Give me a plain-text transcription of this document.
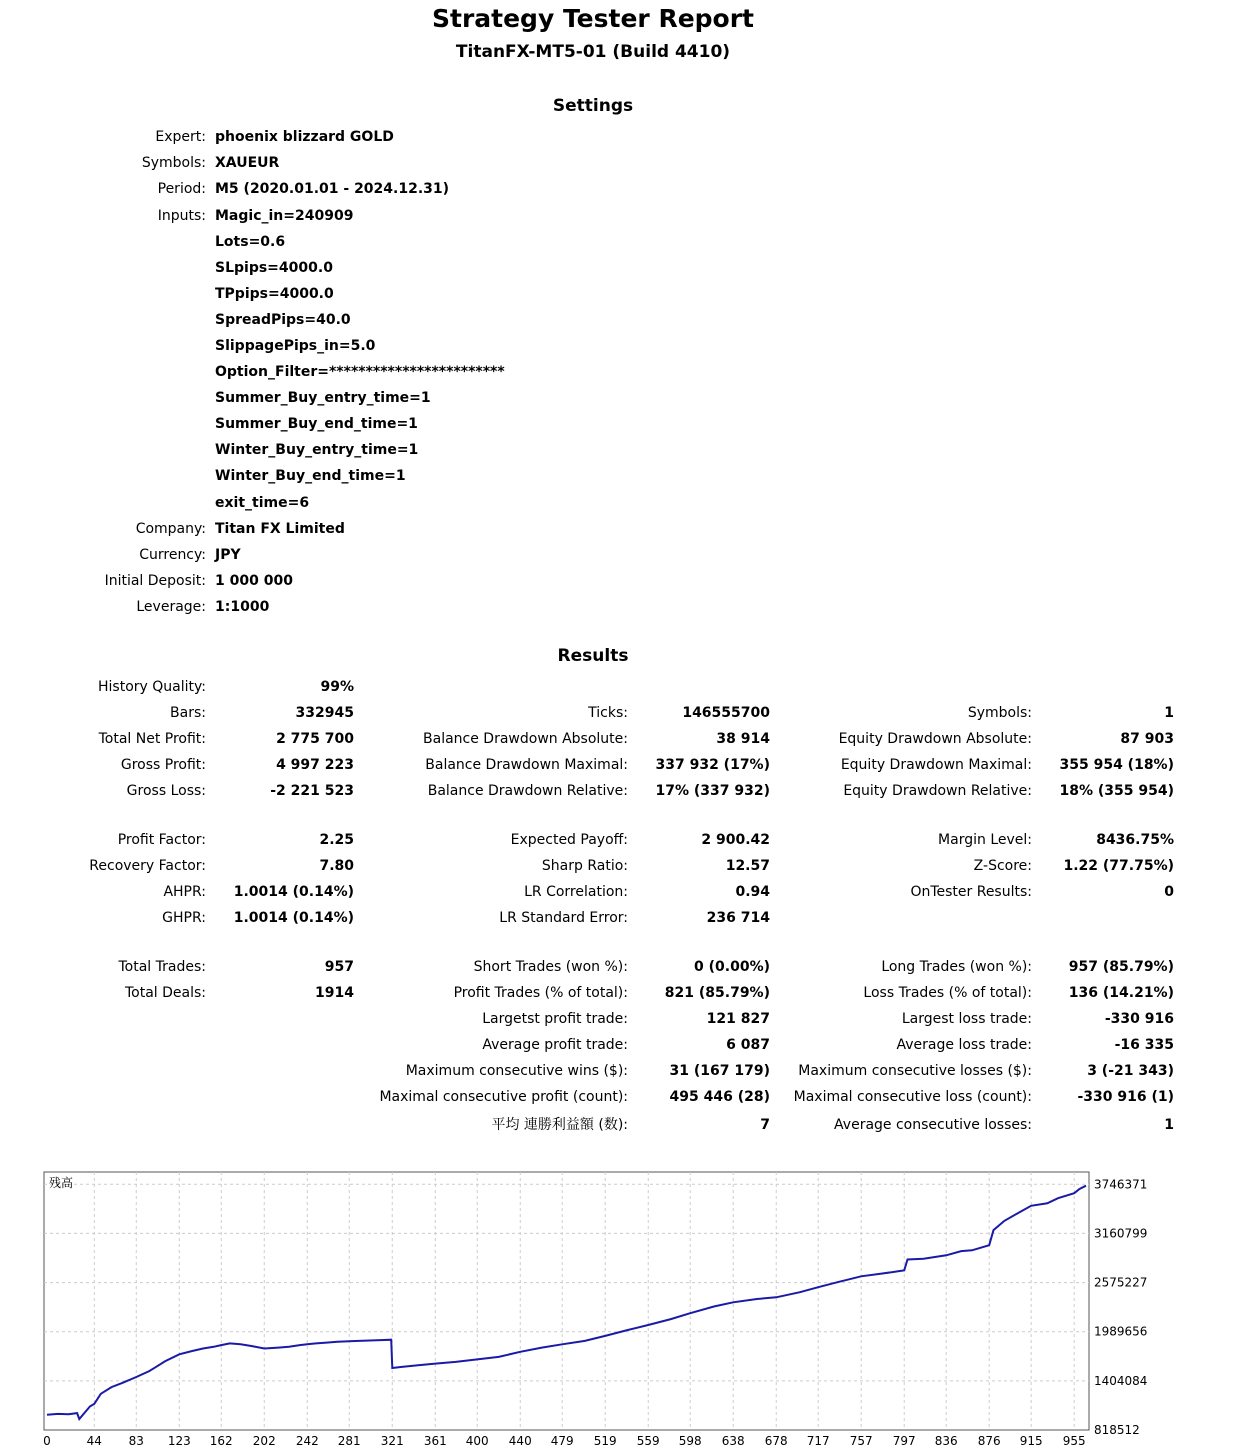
Strategy Tester Report
TitanFX-MT5-01 (Build 4410)
Settings
Expert: phoenix blizzard GOLD
Symbols: XAUEUR
Period: M5 (2020.01.01 - 2024.12.31)
Inputs: Magic_in=240909
Lots=0.6
SLpips=4000.0
TPpips=4000.0
SpreadPips=40.0
SlippagePips_in=5.0
Option_Filter=************************
Summer_Buy_entry_time=1
Summer_Buy_end_time=1
Winter_Buy_entry_time=1
Winter_Buy_end_time=1
exit_time=6
Company: Titan FX Limited
Currency: JPY
Initial Deposit: 1 000 000
Leverage: 1:1000
Results
History Quality:	99%
Bars:	332945	Ticks:	146555700	Symbols:	1
Total Net Profit:	2 775 700	Balance Drawdown Absolute:	38 914	Equity Drawdown Absolute:	87 903
Gross Profit:	4 997 223	Balance Drawdown Maximal:	337 932 (17%)	Equity Drawdown Maximal:	355 954 (18%)
Gross Loss:	-2 221 523	Balance Drawdown Relative:	17% (337 932)	Equity Drawdown Relative:	18% (355 954)
Profit Factor:	2.25	Expected Payoff:	2 900.42	Margin Level:	8436.75%
Recovery Factor:	7.80	Sharp Ratio:	12.57	Z-Score:	1.22 (77.75%)
AHPR:	1.0014 (0.14%)	LR Correlation:	0.94	OnTester Results:	0
GHPR:	1.0014 (0.14%)	LR Standard Error:	236 714
Total Trades:	957	Short Trades (won %):	0 (0.00%)	Long Trades (won %):	957 (85.79%)
Total Deals:	1914	Profit Trades (% of total):	821 (85.79%)	Loss Trades (% of total):	136 (14.21%)
Largetst profit trade:	121 827	Largest loss trade:	-330 916
Average profit trade:	6 087	Average loss trade:	-16 335
Maximum consecutive wins ($):	31 (167 179)	Maximum consecutive losses ($):	3 (-21 343)
Maximal consecutive profit (count):	495 446 (28)	Maximal consecutive loss (count):	-330 916 (1)
平均 連勝利益額 (数):	7	Average consecutive losses:	1
残高
0	44 83 123 162 202 242 281 321 361 400 440 479 519 559 598 638 678 717 757 797 836 876 915 955
818512
1404084
1989656
2575227
3160799
3746371
